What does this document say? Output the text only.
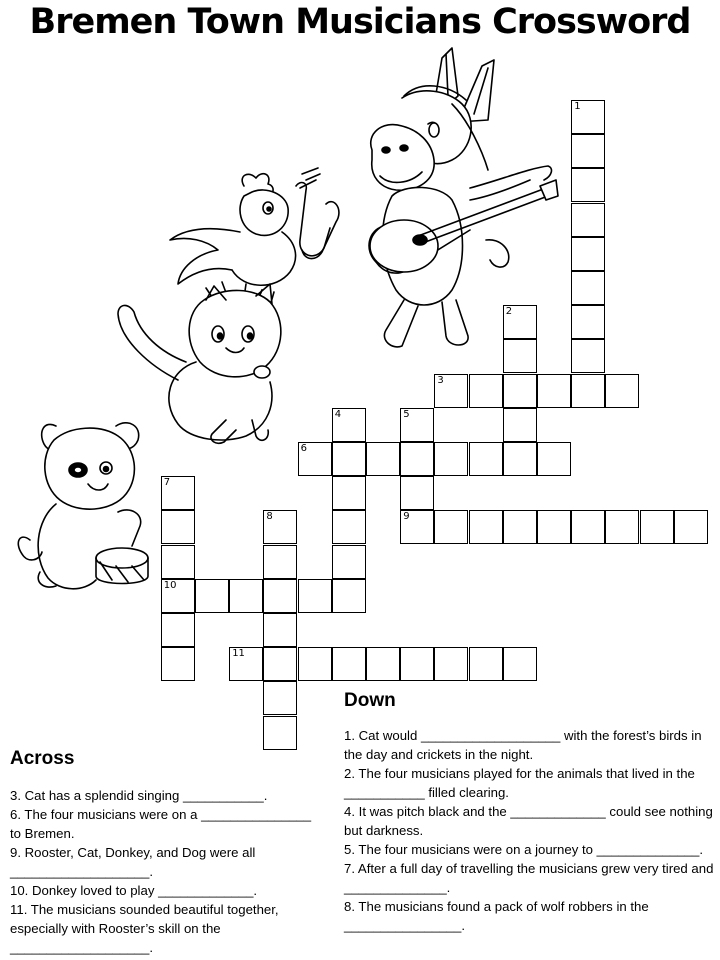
Bremen Town Musicians Crossword
1
2
3
4	5
9
6
7
10
8
11
Across

3. Cat has a splendid singing ___________.

6. The four musicians were on a _______________ to Bremen.

9. Rooster, Cat, Donkey, and Dog were all ___________________.

10. Donkey loved to play _____________.

11. The musicians sounded beautiful together, especially with Rooster’s skill on the ___________________.

Down

1. Cat would ___________________ with the forest’s birds in the day and crickets in the night.

2. The four musicians played for the animals that lived in the ___________ filled clearing.

4. It was pitch black and the _____________ could see nothing but darkness.

5. The four musicians were on a journey to ______________.

7. After a full day of travelling the musicians grew very tired and ______________.

8. The musicians found a pack of wolf robbers in the ________________.
